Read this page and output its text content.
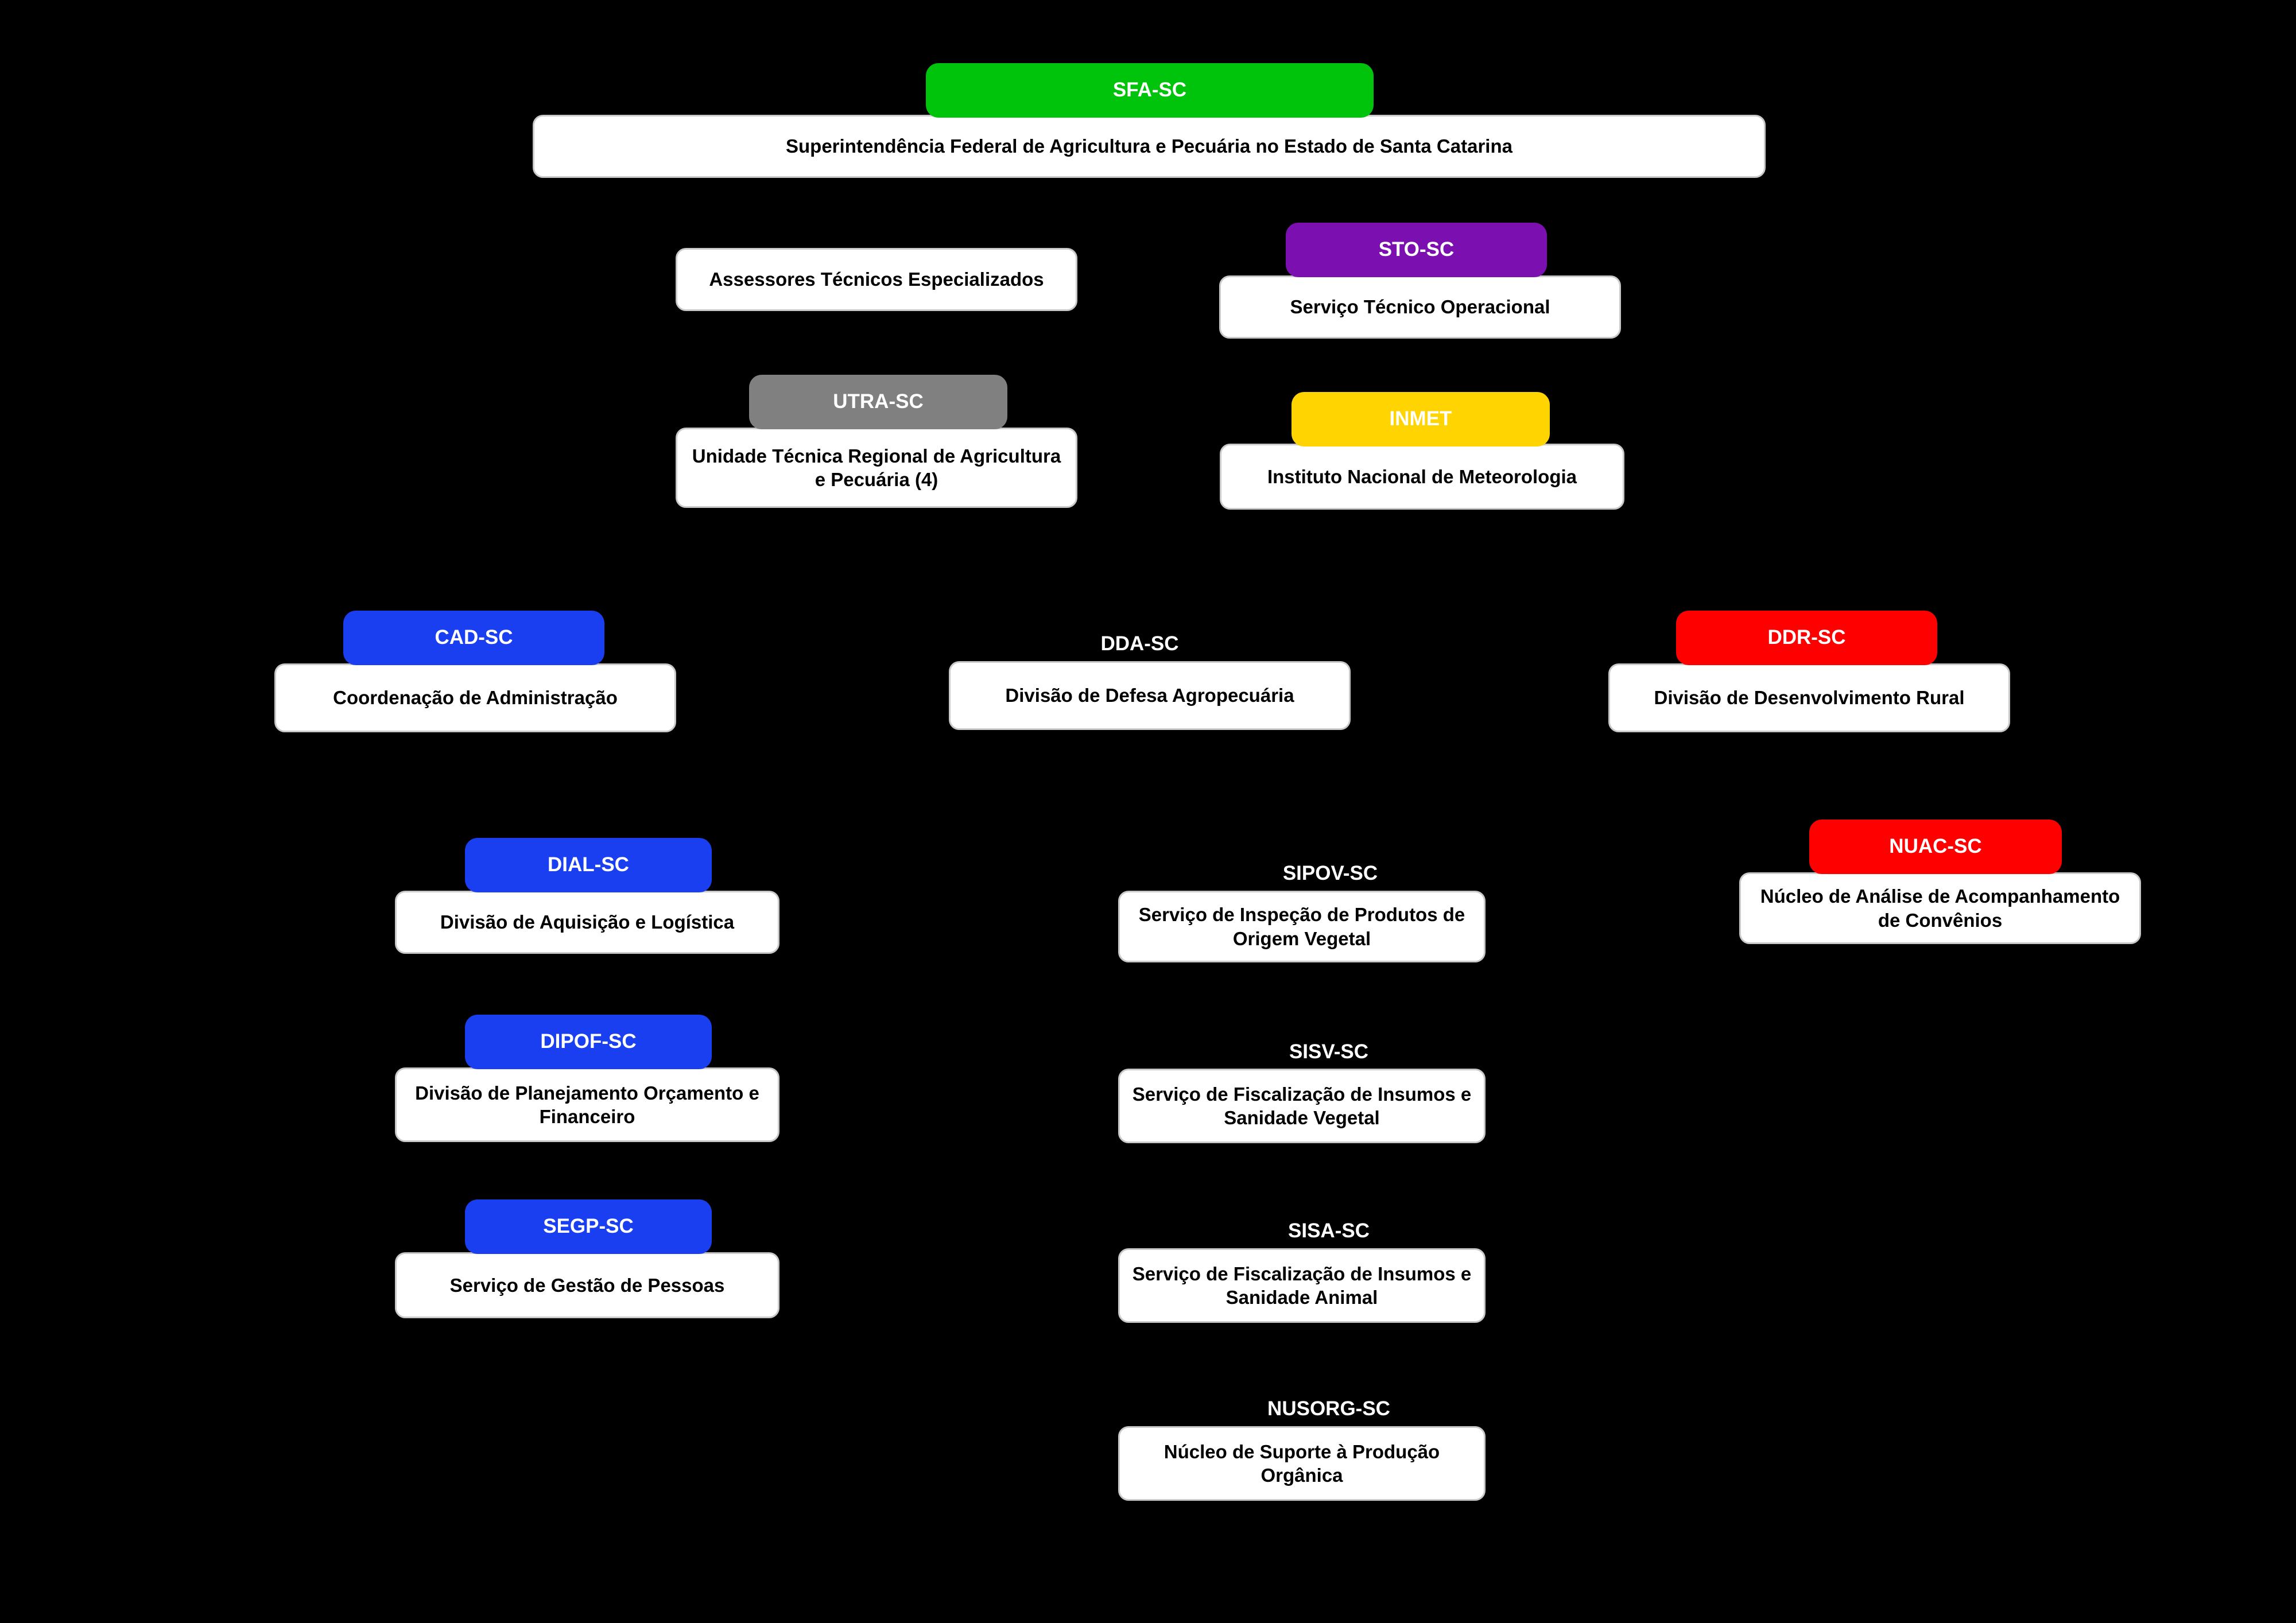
SFA-SC
Superintendência Federal de Agricultura e Pecuária no Estado de Santa Catarina
Assessores Técnicos Especializados
STO-SC
Serviço Técnico Operacional
UTRA-SC
Unidade Técnica Regional de Agricultura e Pecuária (4)
INMET
Instituto Nacional de Meteorologia
CAD-SC
Coordenação de Administração
DDA-SC
Divisão de Defesa Agropecuária
DDR-SC
Divisão de Desenvolvimento Rural
DIAL-SC
Divisão de Aquisição e Logística
SIPOV-SC
Serviço de Inspeção de Produtos de Origem Vegetal
NUAC-SC
Núcleo de Análise de Acompanhamento de Convênios
DIPOF-SC
Divisão de Planejamento Orçamento e Financeiro
SISV-SC
Serviço de Fiscalização de Insumos e Sanidade Vegetal
SEGP-SC
Serviço de Gestão de Pessoas
SISA-SC
Serviço de Fiscalização de Insumos e Sanidade Animal
NUSORG-SC
Núcleo de Suporte à Produção Orgânica
